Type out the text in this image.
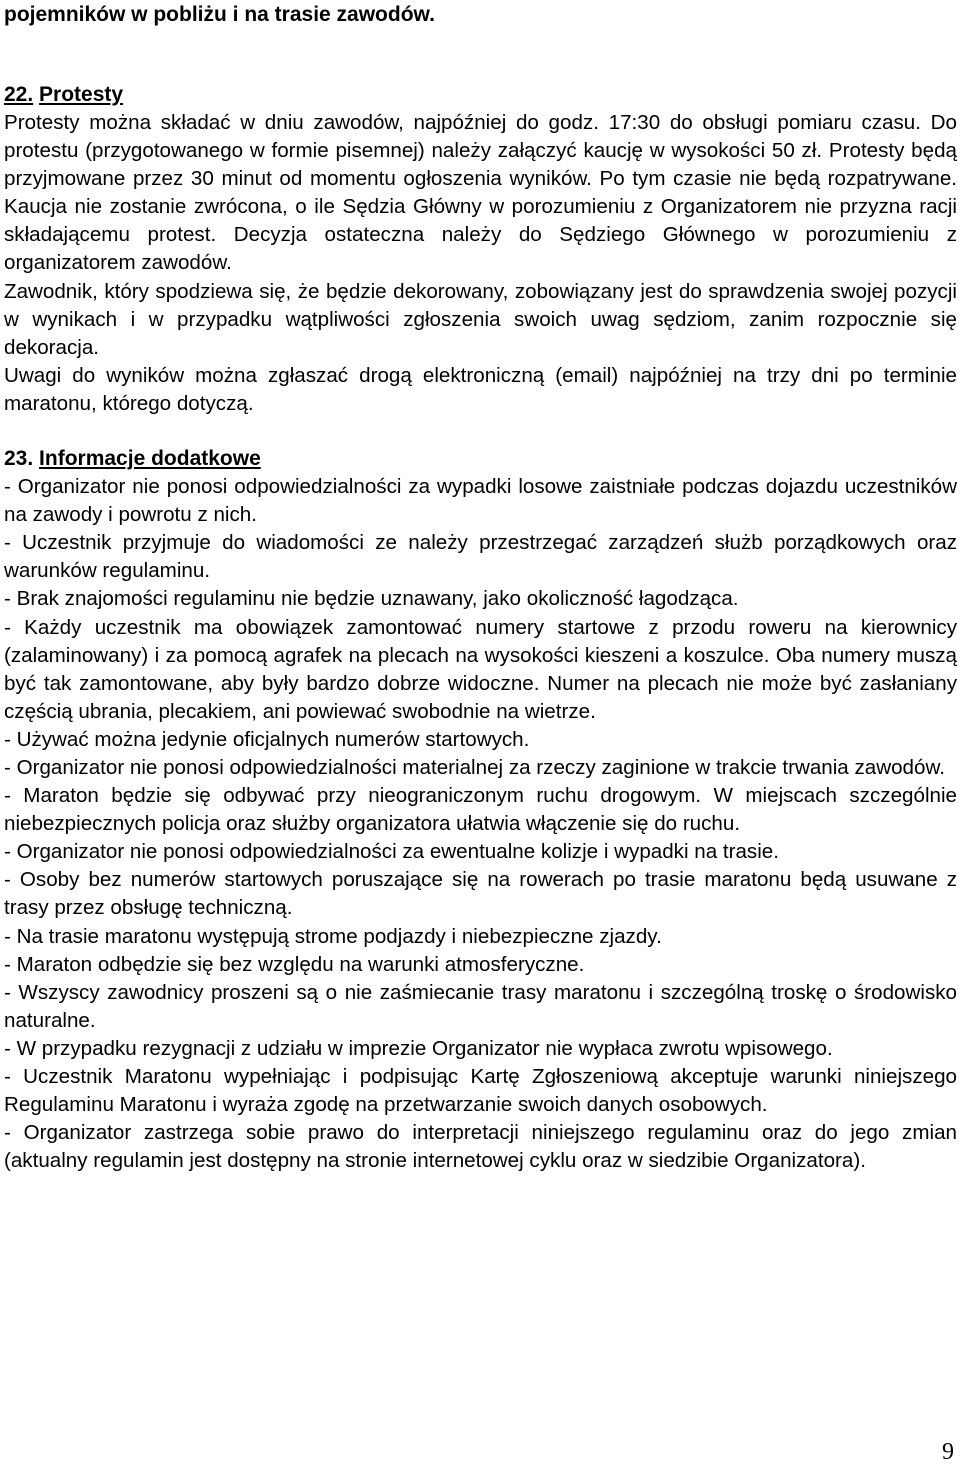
pojemników w pobliżu i na trasie zawodów.

22. Protesty

Protesty można składać w dniu zawodów, najpóźniej do godz. 17:30 do obsługi pomiaru czasu. Do protestu (przygotowanego w formie pisemnej) należy załączyć kaucję w wysokości 50 zł. Protesty będą przyjmowane przez 30 minut od momentu ogłoszenia wyników. Po tym czasie nie będą rozpatrywane. Kaucja nie zostanie zwrócona, o ile Sędzia Główny w porozumieniu z Organizatorem nie przyzna racji składającemu protest. Decyzja ostateczna należy do Sędziego Głównego w porozumieniu z organizatorem zawodów.

Zawodnik, który spodziewa się, że będzie dekorowany, zobowiązany jest do sprawdzenia swojej pozycji w wynikach i w przypadku wątpliwości zgłoszenia swoich uwag sędziom, zanim rozpocznie się dekoracja.

Uwagi do wyników można zgłaszać drogą elektroniczną (email) najpóźniej na trzy dni po terminie maratonu, którego dotyczą.

23. Informacje dodatkowe

- Organizator nie ponosi odpowiedzialności za wypadki losowe zaistniałe podczas dojazdu uczestników na zawody i powrotu z nich.

- Uczestnik przyjmuje do wiadomości ze należy przestrzegać zarządzeń służb porządkowych oraz warunków regulaminu.

- Brak znajomości regulaminu nie będzie uznawany, jako okoliczność łagodząca.

- Każdy uczestnik ma obowiązek zamontować numery startowe z przodu roweru na kierownicy (zalaminowany) i za pomocą agrafek na plecach na wysokości kieszeni a koszulce. Oba numery muszą być tak zamontowane, aby były bardzo dobrze widoczne. Numer na plecach nie może być zasłaniany częścią ubrania, plecakiem, ani powiewać swobodnie na wietrze.

- Używać można jedynie oficjalnych numerów startowych.

- Organizator nie ponosi odpowiedzialności materialnej za rzeczy zaginione w trakcie trwania zawodów.

- Maraton będzie się odbywać przy nieograniczonym ruchu drogowym. W miejscach szczególnie niebezpiecznych policja oraz służby organizatora ułatwia włączenie się do ruchu.

- Organizator nie ponosi odpowiedzialności za ewentualne kolizje i wypadki na trasie.

- Osoby bez numerów startowych poruszające się na rowerach po trasie maratonu będą usuwane z trasy przez obsługę techniczną.

- Na trasie maratonu występują strome podjazdy i niebezpieczne zjazdy.

- Maraton odbędzie się bez względu na warunki atmosferyczne.

- Wszyscy zawodnicy proszeni są o nie zaśmiecanie trasy maratonu i szczególną troskę o środowisko naturalne.

- W przypadku rezygnacji z udziału w imprezie Organizator nie wypłaca zwrotu wpisowego.

- Uczestnik Maratonu wypełniając i podpisując Kartę Zgłoszeniową akceptuje warunki niniejszego Regulaminu Maratonu i wyraża zgodę na przetwarzanie swoich danych osobowych.

- Organizator zastrzega sobie prawo do interpretacji niniejszego regulaminu oraz do jego zmian (aktualny regulamin jest dostępny na stronie internetowej cyklu oraz w siedzibie Organizatora).

9
